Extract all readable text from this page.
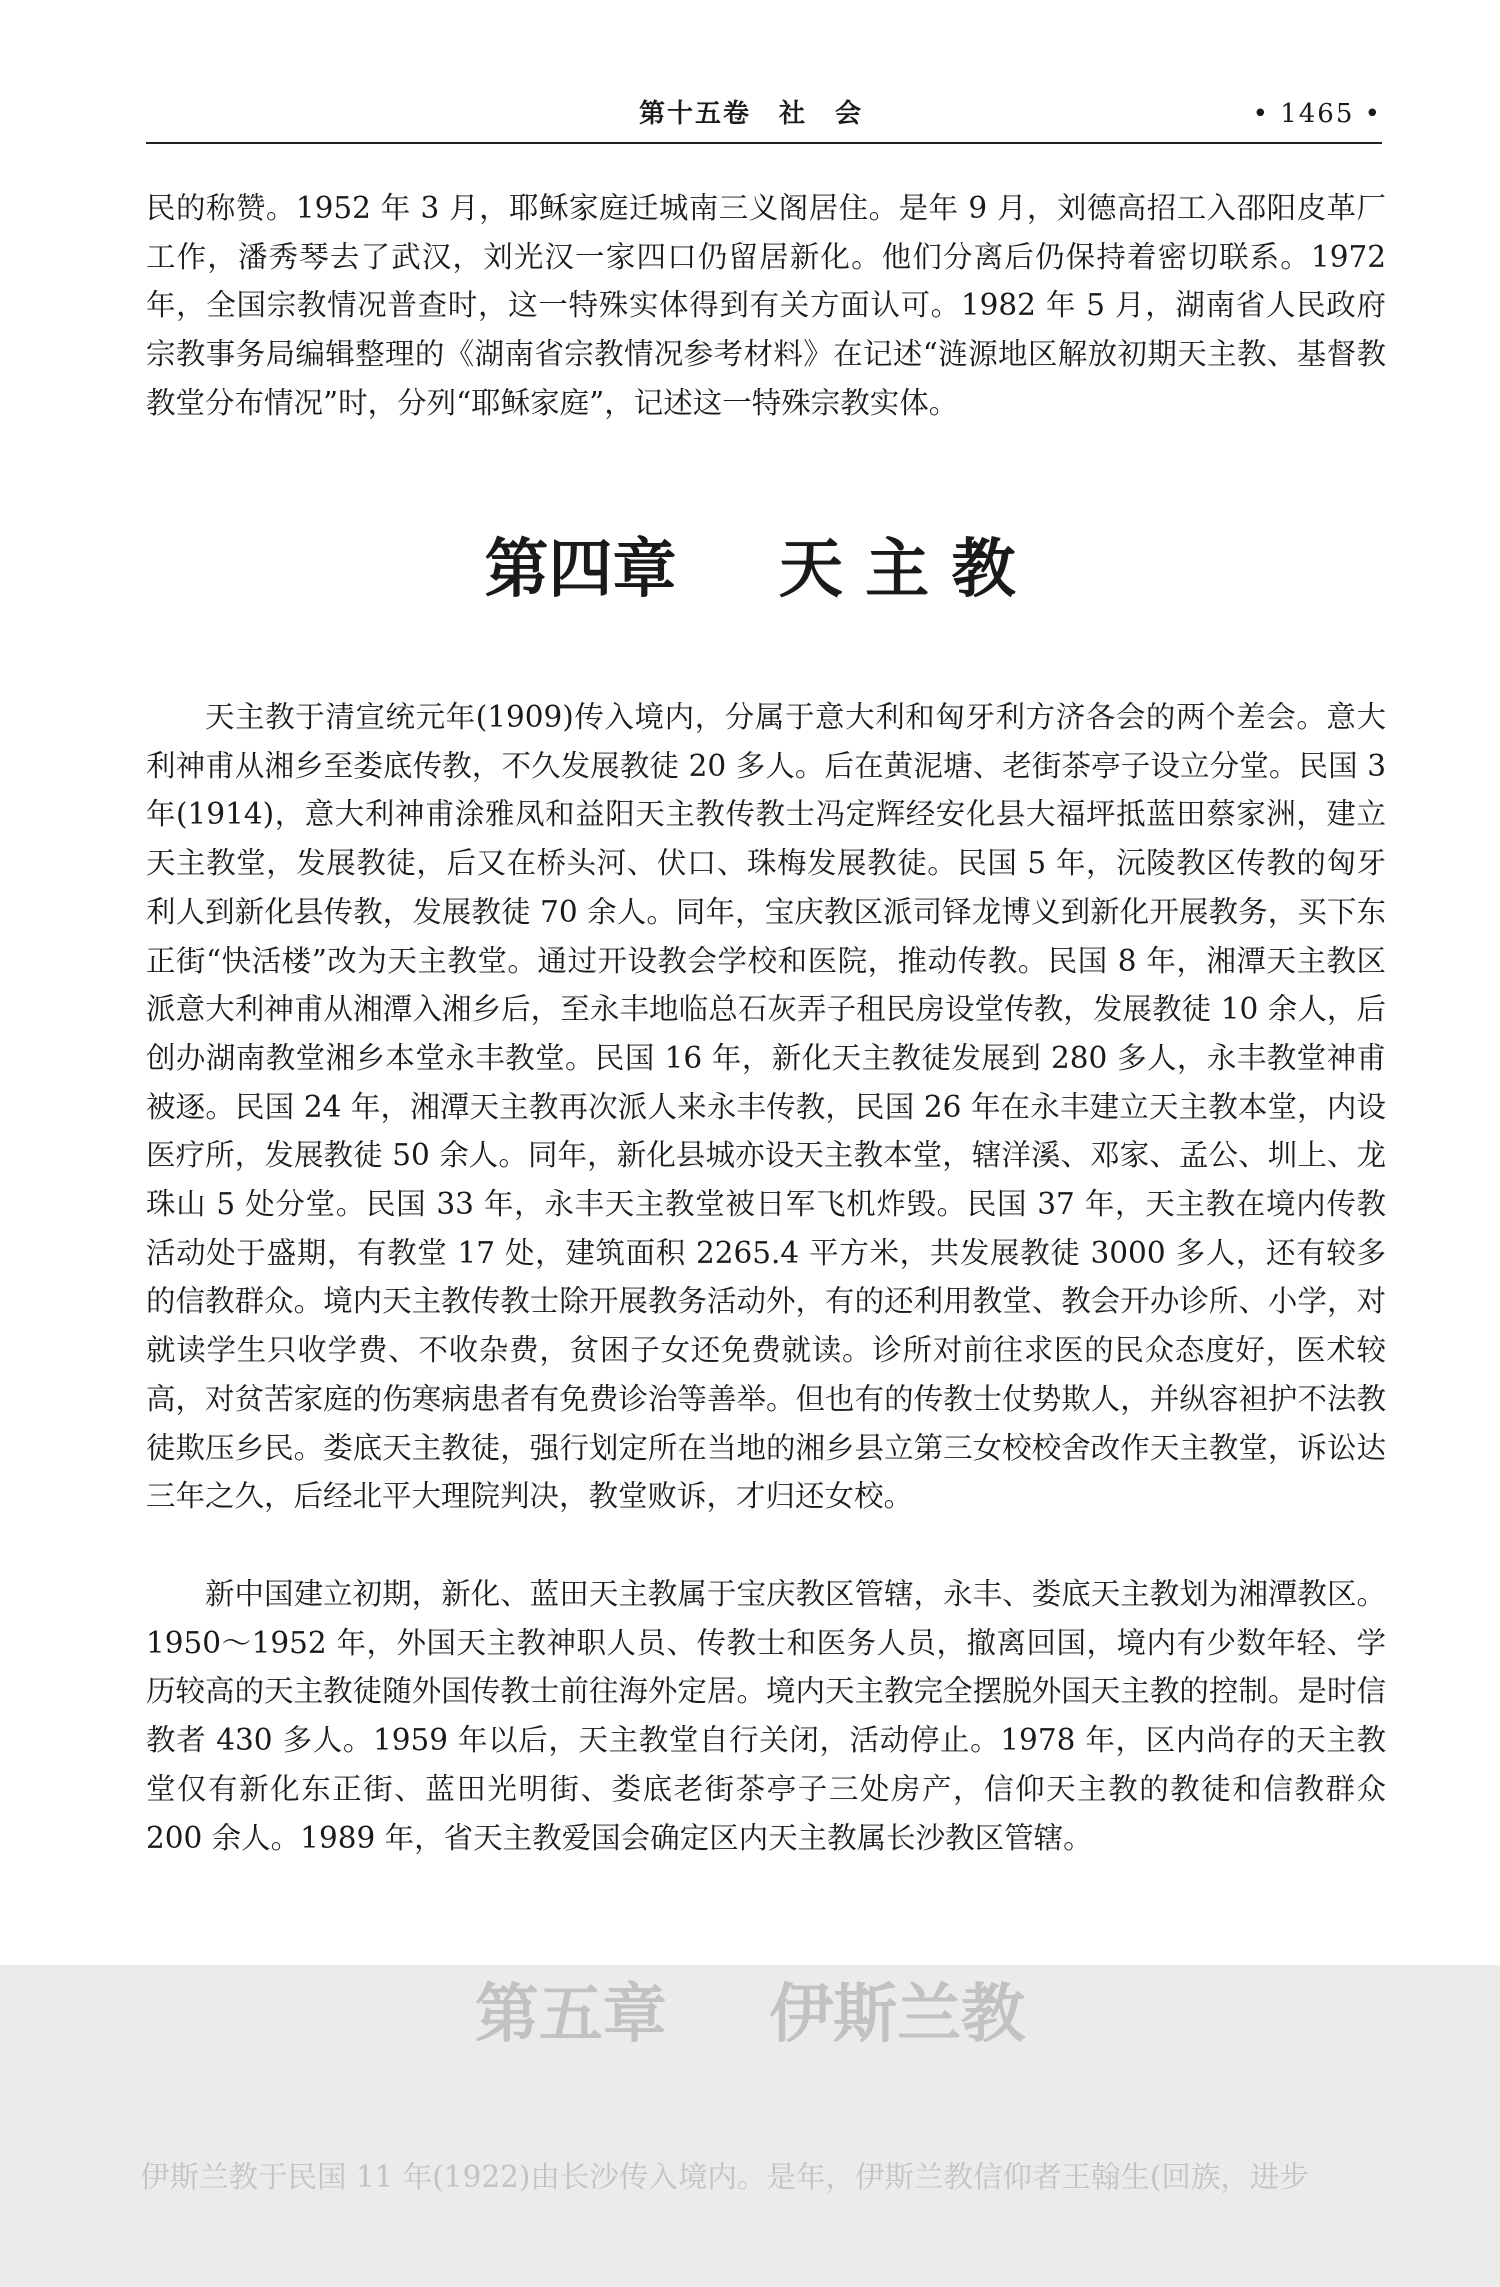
第十五卷　社　会	• 1465 •

民的称赞。1952 年 3 月，耶稣家庭迁城南三义阁居住。是年 9 月，刘德高招工入邵阳皮革厂工作，潘秀琴去了武汉，刘光汉一家四口仍留居新化。他们分离后仍保持着密切联系。1972 年，全国宗教情况普查时，这一特殊实体得到有关方面认可。1982 年 5 月，湖南省人民政府宗教事务局编辑整理的《湖南省宗教情况参考材料》在记述“涟源地区解放初期天主教、基督教教堂分布情况”时，分列“耶稣家庭”，记述这一特殊宗教实体。

第四章 天 主 教

天主教于清宣统元年(1909)传入境内，分属于意大利和匈牙利方济各会的两个差会。意大利神甫从湘乡至娄底传教，不久发展教徒 20 多人。后在黄泥塘、老街茶亭子设立分堂。民国 3 年(1914)，意大利神甫涂雅凤和益阳天主教传教士冯定辉经安化县大福坪抵蓝田蔡家洲，建立天主教堂，发展教徒，后又在桥头河、伏口、珠梅发展教徒。民国 5 年，沅陵教区传教的匈牙利人到新化县传教，发展教徒 70 余人。同年，宝庆教区派司铎龙博义到新化开展教务，买下东正街“快活楼”改为天主教堂。通过开设教会学校和医院，推动传教。民国 8 年，湘潭天主教区派意大利神甫从湘潭入湘乡后，至永丰地临总石灰弄子租民房设堂传教，发展教徒 10 余人，后创办湖南教堂湘乡本堂永丰教堂。民国 16 年，新化天主教徒发展到 280 多人，永丰教堂神甫被逐。民国 24 年，湘潭天主教再次派人来永丰传教，民国 26 年在永丰建立天主教本堂，内设医疗所，发展教徒 50 余人。同年，新化县城亦设天主教本堂，辖洋溪、邓家、孟公、圳上、龙珠山 5 处分堂。民国 33 年，永丰天主教堂被日军飞机炸毁。民国 37 年，天主教在境内传教活动处于盛期，有教堂 17 处，建筑面积 2265.4 平方米，共发展教徒 3000 多人，还有较多的信教群众。境内天主教传教士除开展教务活动外，有的还利用教堂、教会开办诊所、小学，对就读学生只收学费、不收杂费，贫困子女还免费就读。诊所对前往求医的民众态度好，医术较高，对贫苦家庭的伤寒病患者有免费诊治等善举。但也有的传教士仗势欺人，并纵容袒护不法教徒欺压乡民。娄底天主教徒，强行划定所在当地的湘乡县立第三女校校舍改作天主教堂，诉讼达三年之久，后经北平大理院判决，教堂败诉，才归还女校。

新中国建立初期，新化、蓝田天主教属于宝庆教区管辖，永丰、娄底天主教划为湘潭教区。1950～1952 年，外国天主教神职人员、传教士和医务人员，撤离回国，境内有少数年轻、学历较高的天主教徒随外国传教士前往海外定居。境内天主教完全摆脱外国天主教的控制。是时信教者 430 多人。1959 年以后，天主教堂自行关闭，活动停止。1978 年，区内尚存的天主教堂仅有新化东正街、蓝田光明街、娄底老街茶亭子三处房产，信仰天主教的教徒和信教群众 200 余人。1989 年，省天主教爱国会确定区内天主教属长沙教区管辖。

第五章 伊斯兰教

伊斯兰教于民国 11 年(1922)由长沙传入境内。是年，伊斯兰教信仰者王翰生(回族，进步
